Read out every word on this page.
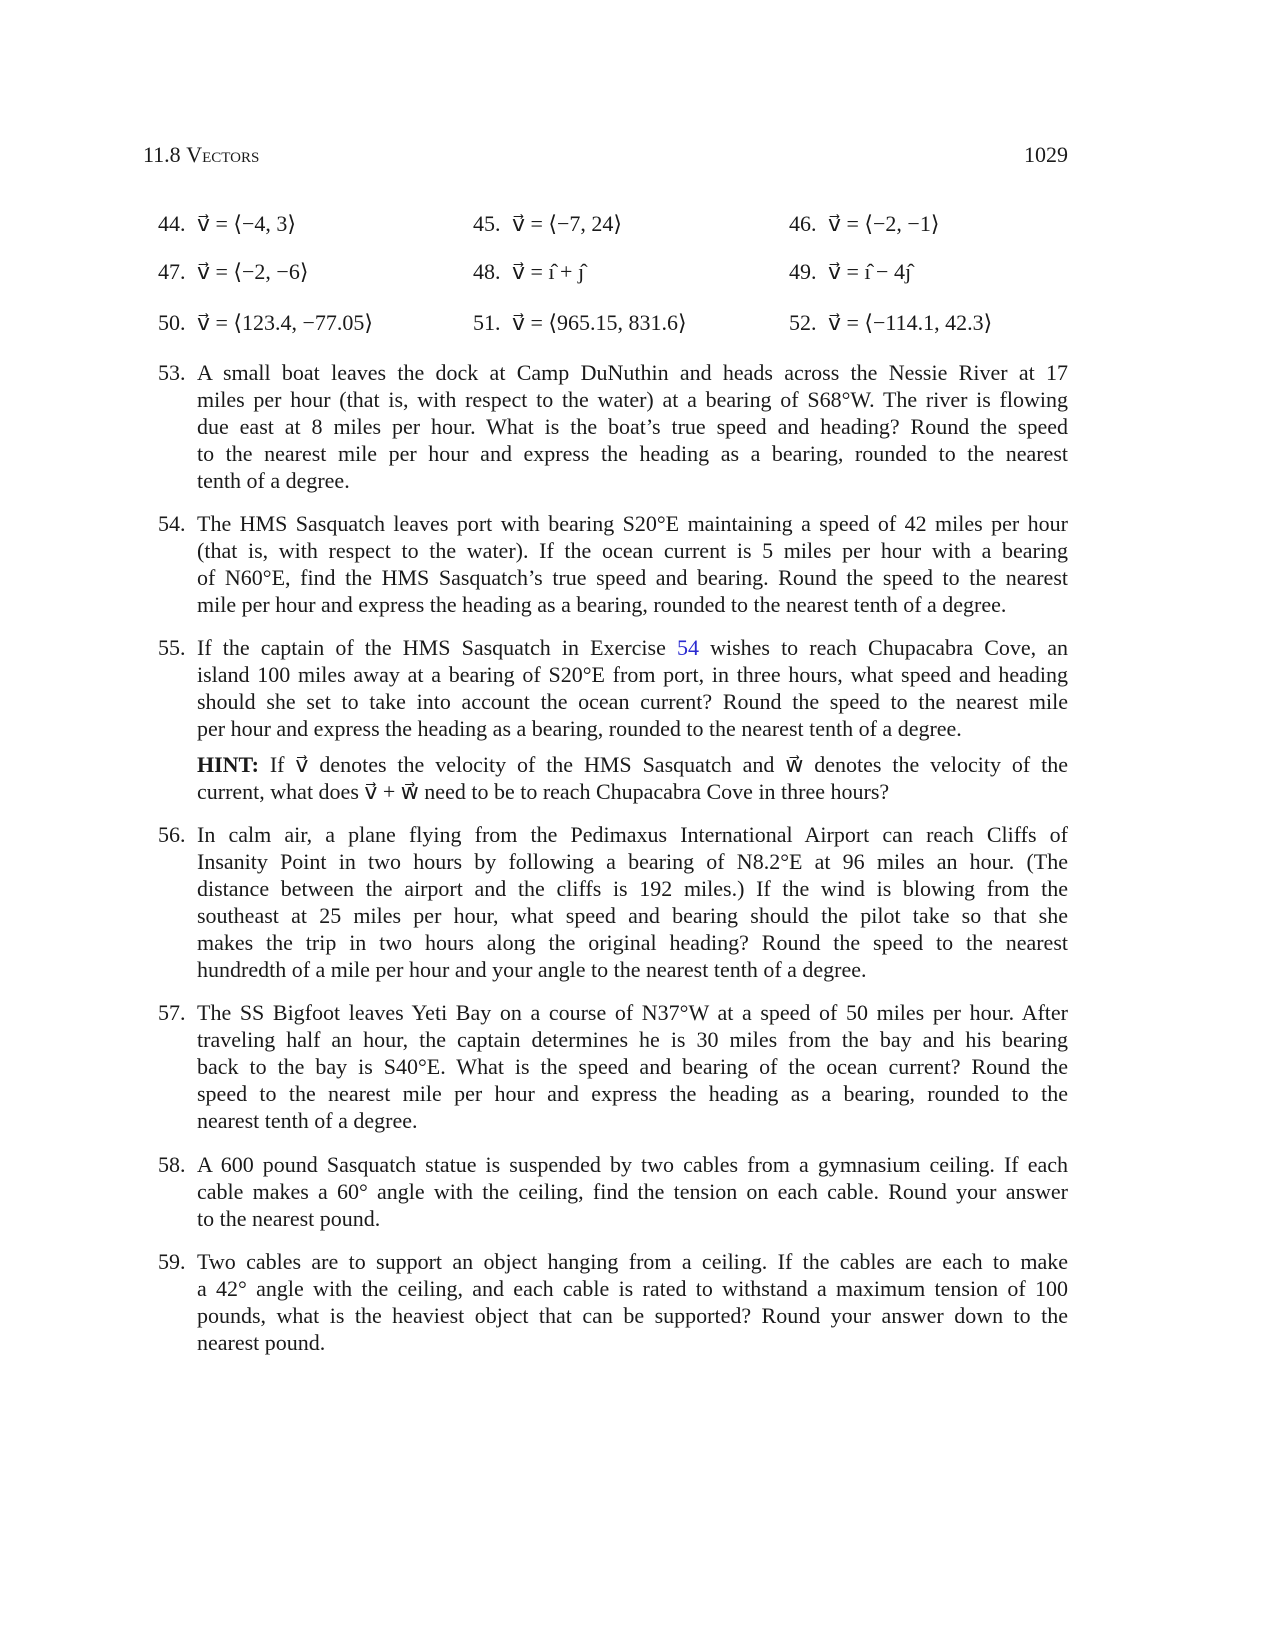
11.8 Vectors	1029
44. v⃗ = ⟨−4, 3⟩	45. v⃗ = ⟨−7, 24⟩	46. v⃗ = ⟨−2, −1⟩
47. v⃗ = ⟨−2, −6⟩	48. v⃗ = ı̂ + ȷ̂	49. v⃗ = ı̂ − 4ȷ̂
50. v⃗ = ⟨123.4, −77.05⟩	51. v⃗ = ⟨965.15, 831.6⟩	52. v⃗ = ⟨−114.1, 42.3⟩
53. A small boat leaves the dock at Camp DuNuthin and heads across the Nessie River at 17
miles per hour (that is, with respect to the water) at a bearing of S68°W. The river is flowing
due east at 8 miles per hour. What is the boat’s true speed and heading? Round the speed
to the nearest mile per hour and express the heading as a bearing, rounded to the nearest
tenth of a degree.
54. The HMS Sasquatch leaves port with bearing S20°E maintaining a speed of 42 miles per hour
(that is, with respect to the water). If the ocean current is 5 miles per hour with a bearing
of N60°E, find the HMS Sasquatch’s true speed and bearing. Round the speed to the nearest
mile per hour and express the heading as a bearing, rounded to the nearest tenth of a degree.
55. If the captain of the HMS Sasquatch in Exercise 54 wishes to reach Chupacabra Cove, an
island 100 miles away at a bearing of S20°E from port, in three hours, what speed and heading
should she set to take into account the ocean current? Round the speed to the nearest mile
per hour and express the heading as a bearing, rounded to the nearest tenth of a degree.
HINT: If v⃗ denotes the velocity of the HMS Sasquatch and w⃗ denotes the velocity of the
current, what does v⃗ + w⃗ need to be to reach Chupacabra Cove in three hours?
56. In calm air, a plane flying from the Pedimaxus International Airport can reach Cliffs of
Insanity Point in two hours by following a bearing of N8.2°E at 96 miles an hour. (The
distance between the airport and the cliffs is 192 miles.) If the wind is blowing from the
southeast at 25 miles per hour, what speed and bearing should the pilot take so that she
makes the trip in two hours along the original heading? Round the speed to the nearest
hundredth of a mile per hour and your angle to the nearest tenth of a degree.
57. The SS Bigfoot leaves Yeti Bay on a course of N37°W at a speed of 50 miles per hour. After
traveling half an hour, the captain determines he is 30 miles from the bay and his bearing
back to the bay is S40°E. What is the speed and bearing of the ocean current? Round the
speed to the nearest mile per hour and express the heading as a bearing, rounded to the
nearest tenth of a degree.
58. A 600 pound Sasquatch statue is suspended by two cables from a gymnasium ceiling. If each
cable makes a 60° angle with the ceiling, find the tension on each cable. Round your answer
to the nearest pound.
59. Two cables are to support an object hanging from a ceiling. If the cables are each to make
a 42° angle with the ceiling, and each cable is rated to withstand a maximum tension of 100
pounds, what is the heaviest object that can be supported? Round your answer down to the
nearest pound.
